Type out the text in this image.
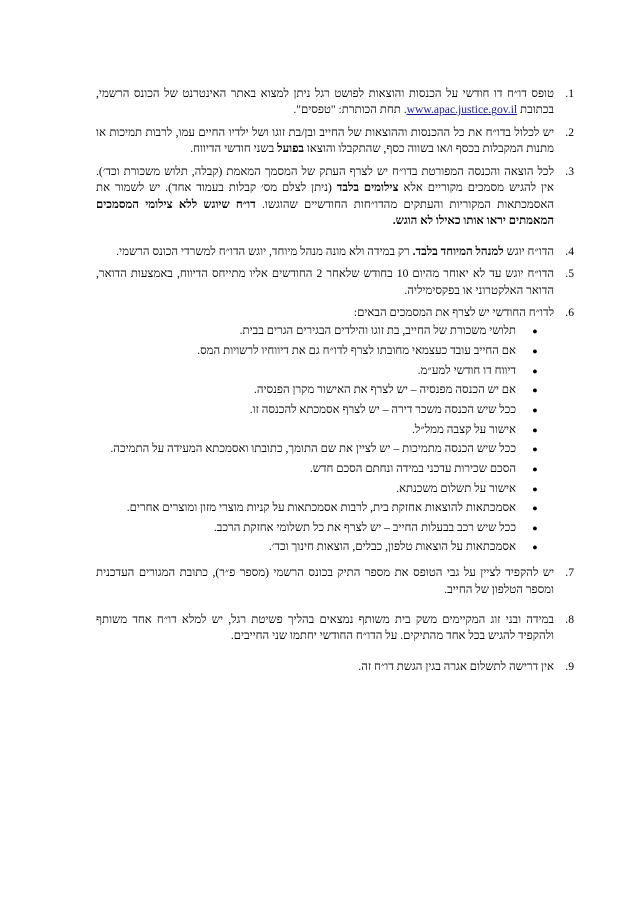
1.
טופס דו״ח דו חודשי על הכנסות והוצאות לפושט רגל ניתן למצוא באתר האינטרנט של הכונס הרשמי, בכתובת www.apac.justice.gov.il. תחת הכותרת: "טפסים".
2.
יש לכלול בדו״ח את כל ההכנסות וההוצאות של החייב ובן/בת זוגו ושל ילדיו החיים עמו, לרבות תמיכות או מתנות המקבלות בכסף ו/או בשווה כסף, שהתקבלו והוצאו בפועל בשני חודשי הדיווח.
3.
לכל הוצאה והכנסה המפורטת בדו״ח יש לצרף העתק של המסמך המאמת (קבלה, תלוש משכורת וכד׳). אין להגיש מסמכים מקוריים אלא צילומים בלבד (ניתן לצלם מס׳ קבלות בעמוד אחד). יש לשמור את האסמכתאות המקוריות והעתקים מהדו״חות החודשיים שהוגשו. דו״ח שיוגש ללא צילומי המסמכים המאמתים יראו אותו כאילו לא הוגש.
4.
הדו״ח יוגש למנהל המיוחד בלבד. רק במידה ולא מונה מנהל מיוחד, יוגש הדו״ח למשרדי הכונס הרשמי.
5.
הדו״ח יוגש עד לא יאוחר מהיום 10 בחודש שלאחר 2 החודשים אליו מתייחס הדיווח, באמצעות הדואר, הדואר האלקטרוני או בפקסימיליה.
6.
לדו״ח החודשי יש לצרף את המסמכים הבאים:
●
תלושי משכורת של החייב, בת זוגו והילדים הבגירים הגרים בבית.
●
אם החייב עובד כעצמאי מחובתו לצרף לדו״ח גם את דיווחיו לרשויות המס.
●
דיווח דו חודשי למע״מ.
●
אם יש הכנסה מפנסיה – יש לצרף את האישור מקרן הפנסיה.
●
ככל שיש הכנסה משכר דירה – יש לצרף אסמכתא להכנסה זו.
●
אישור על קצבה ממל״ל.
●
ככל שיש הכנסה מתמיכות – יש לציין את שם התומך, כתובתו ואסמכתא המעידה על התמיכה.
●
הסכם שכירות עדכני במידה ונחתם הסכם חדש.
●
אישור על תשלום משכנתא.
●
אסמכתאות להוצאות אחזקת בית, לרבות אסמכתאות על קניות מוצרי מזון ומוצרים אחרים.
●
ככל שיש רכב בבעלות החייב – יש לצרף את כל תשלומי אחזקת הרכב.
●
אסמכתאות על הוצאות טלפון, כבלים, הוצאות חינוך וכד׳.
7.
יש להקפיד לציין על גבי הטופס את מספר התיק בכונס הרשמי (מספר פ״ר), כתובת המגורים העדכנית ומספר הטלפון של החייב.
8.
במידה ובני זוג המקיימים משק בית משותף נמצאים בהליך פשיטת רגל, יש למלא דו״ח אחד משותף ולהקפיד להגיש בכל אחד מהתיקים. על הדו״ח החודשי יחתמו שני החייבים.
9.
אין דרישה לתשלום אגרה בגין הגשת דו״ח זה.
